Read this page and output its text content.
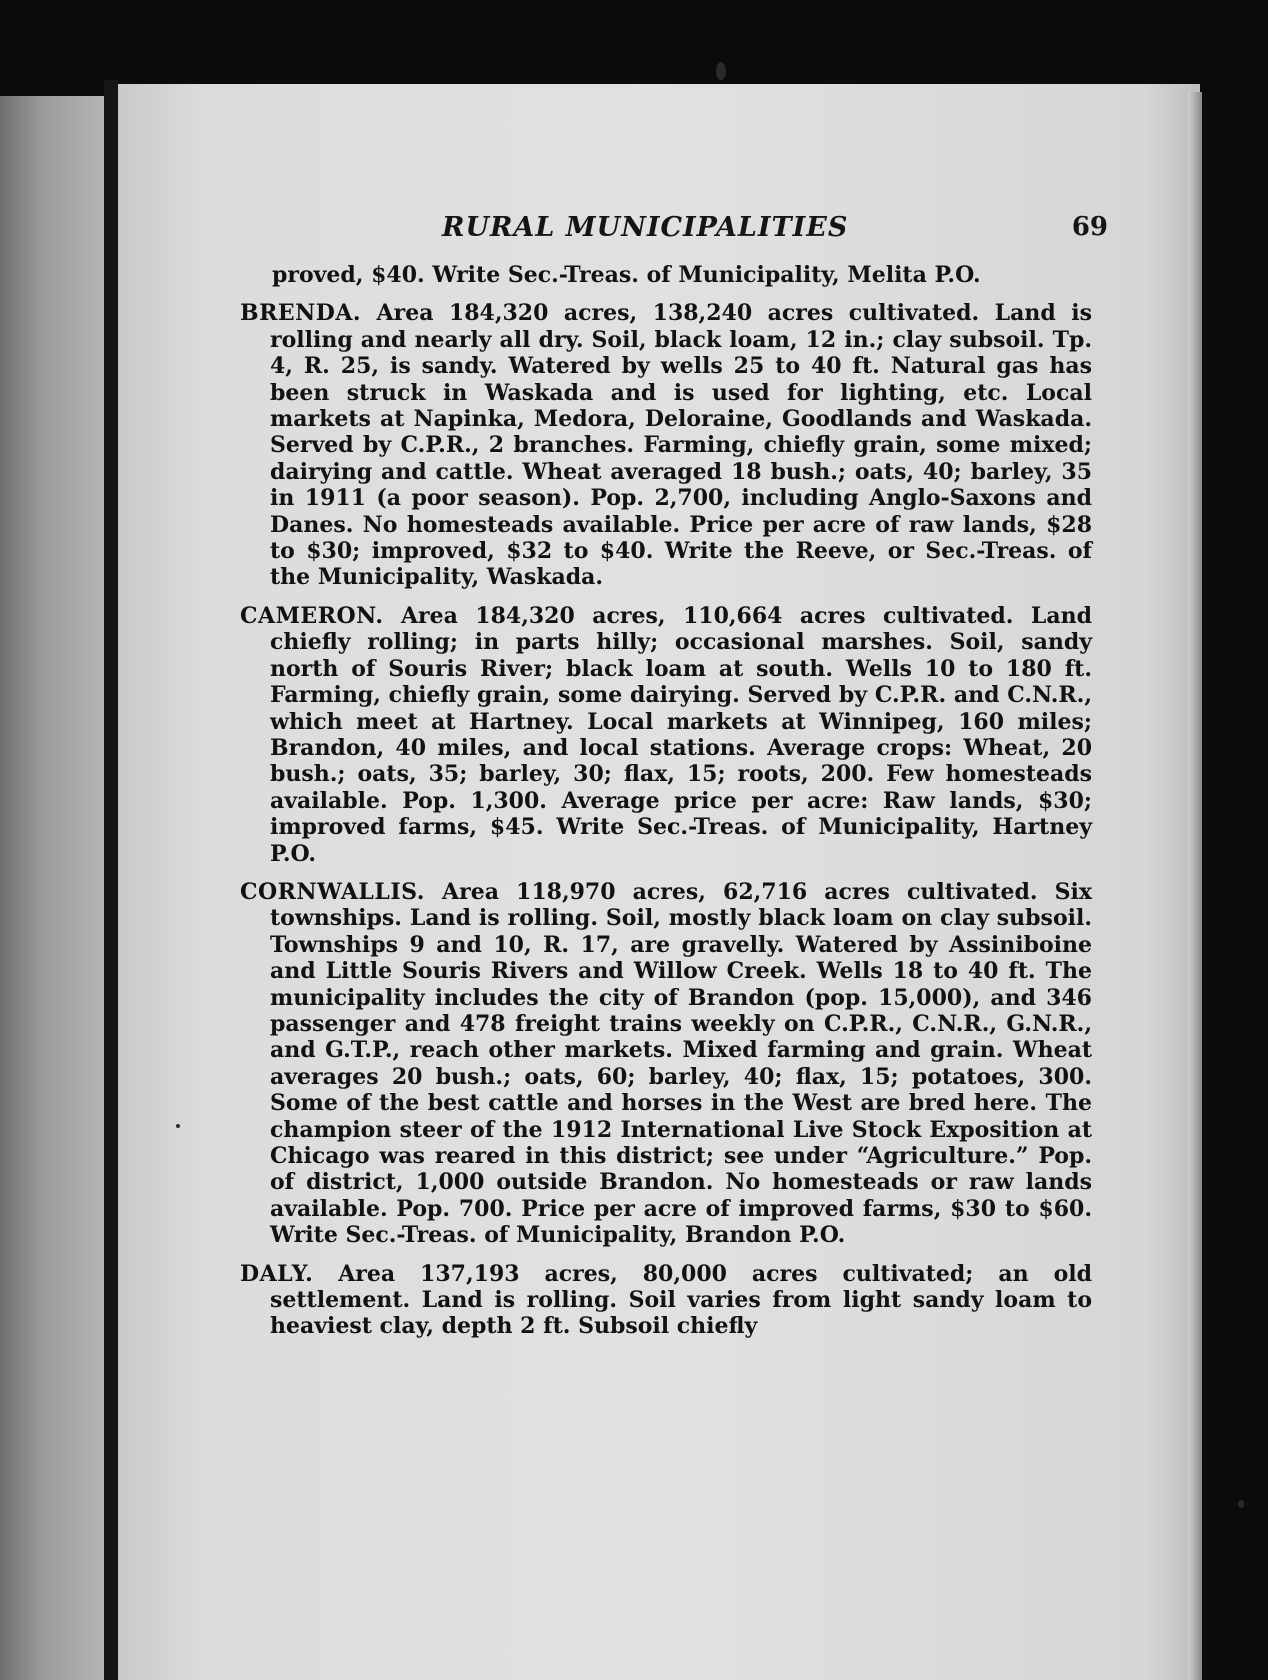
RURAL MUNICIPALITIES	69

proved, $40. Write Sec.-Treas. of Municipality, Melita P.O.

BRENDA. Area 184,320 acres, 138,240 acres cultivated. Land is rolling and nearly all dry. Soil, black loam, 12 in.; clay subsoil. Tp. 4, R. 25, is sandy. Watered by wells 25 to 40 ft. Natural gas has been struck in Waskada and is used for lighting, etc. Local markets at Napinka, Medora, Deloraine, Goodlands and Waskada. Served by C.P.R., 2 branches. Farming, chiefly grain, some mixed; dairying and cattle. Wheat averaged 18 bush.; oats, 40; barley, 35 in 1911 (a poor season). Pop. 2,700, including Anglo-Saxons and Danes. No homesteads available. Price per acre of raw lands, $28 to $30; improved, $32 to $40. Write the Reeve, or Sec.-Treas. of the Municipality, Waskada.

CAMERON. Area 184,320 acres, 110,664 acres cultivated. Land chiefly rolling; in parts hilly; occasional marshes. Soil, sandy north of Souris River; black loam at south. Wells 10 to 180 ft. Farming, chiefly grain, some dairying. Served by C.P.R. and C.N.R., which meet at Hartney. Local markets at Winnipeg, 160 miles; Brandon, 40 miles, and local stations. Average crops: Wheat, 20 bush.; oats, 35; barley, 30; flax, 15; roots, 200. Few homesteads available. Pop. 1,300. Average price per acre: Raw lands, $30; improved farms, $45. Write Sec.-Treas. of Municipality, Hartney P.O.

CORNWALLIS. Area 118,970 acres, 62,716 acres cultivated. Six townships. Land is rolling. Soil, mostly black loam on clay subsoil. Townships 9 and 10, R. 17, are gravelly. Watered by Assiniboine and Little Souris Rivers and Willow Creek. Wells 18 to 40 ft. The municipality includes the city of Brandon (pop. 15,000), and 346 passenger and 478 freight trains weekly on C.P.R., C.N.R., G.N.R., and G.T.P., reach other markets. Mixed farming and grain. Wheat averages 20 bush.; oats, 60; barley, 40; flax, 15; potatoes, 300. Some of the best cattle and horses in the West are bred here. The champion steer of the 1912 International Live Stock Exposition at Chicago was reared in this district; see under “Agriculture.” Pop. of district, 1,000 outside Brandon. No homesteads or raw lands available. Pop. 700. Price per acre of improved farms, $30 to $60. Write Sec.-Treas. of Municipality, Brandon P.O.

DALY. Area 137,193 acres, 80,000 acres cultivated; an old settlement. Land is rolling. Soil varies from light sandy loam to heaviest clay, depth 2 ft. Subsoil chiefly
